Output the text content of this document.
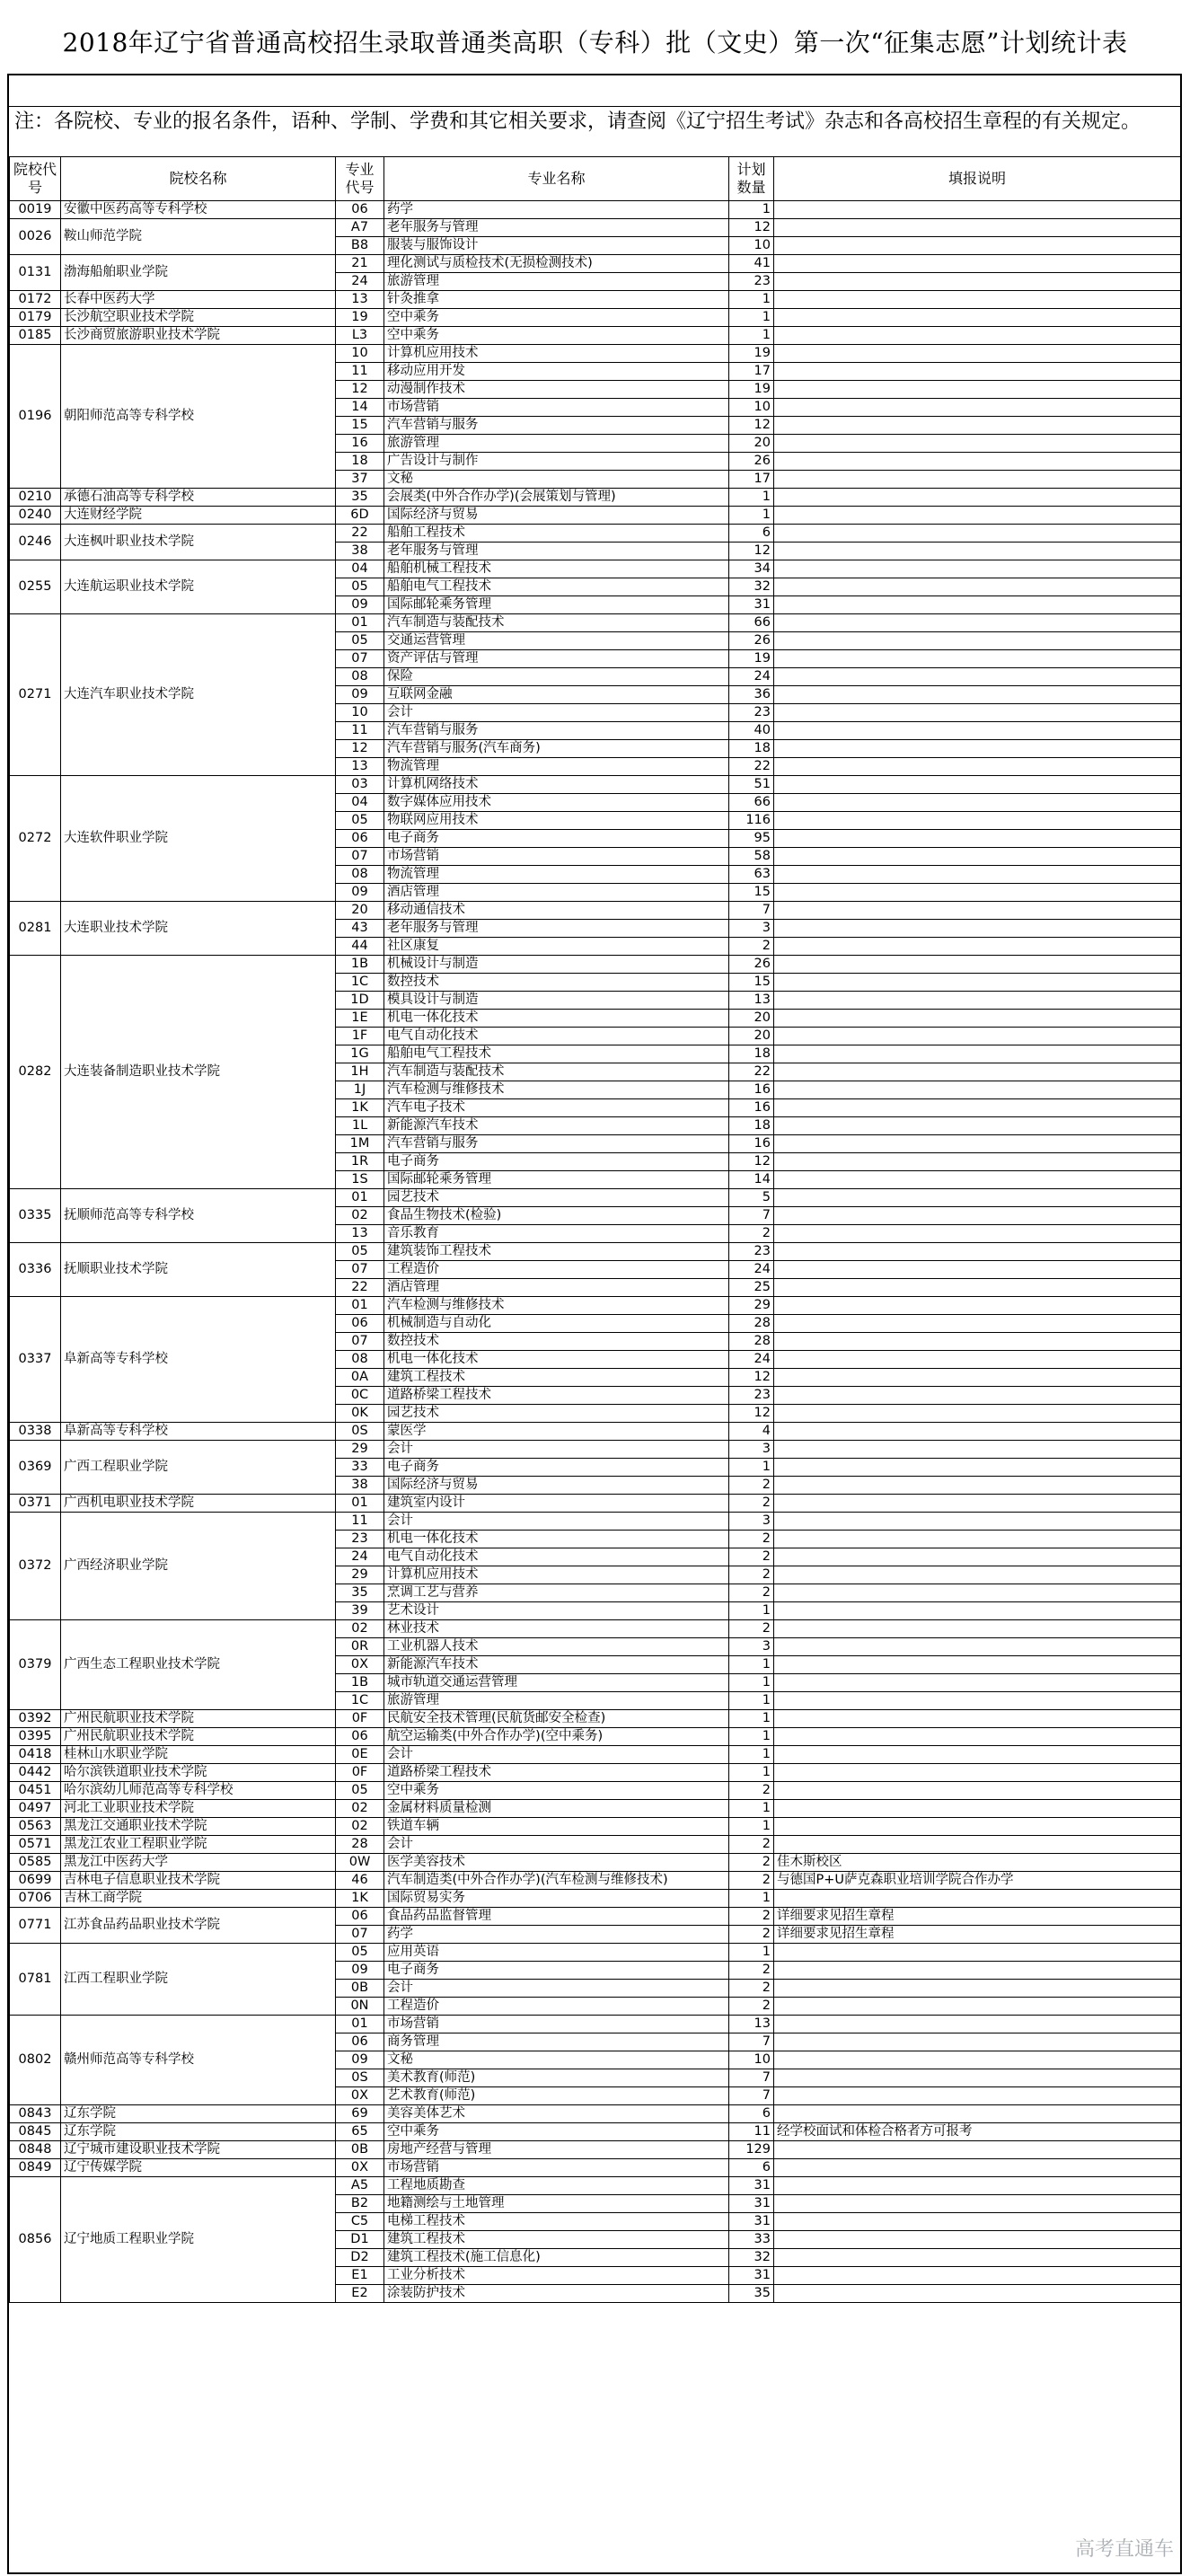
2018年辽宁省普通高校招生录取普通类高职（专科）批（文史）第一次“征集志愿”计划统计表
注：各院校、专业的报名条件，语种、学制、学费和其它相关要求，请查阅《辽宁招生考试》杂志和各高校招生章程的有关规定。
院校代号	院校名称	专业代号	专业名称	计划数量	填报说明
0019	安徽中医药高等专科学校	06	药学	1	
0026	鞍山师范学院	A7	老年服务与管理	12	
		B8	服装与服饰设计	10	
0131	渤海船舶职业学院	21	理化测试与质检技术(无损检测技术)	41	
		24	旅游管理	23	
0172	长春中医药大学	13	针灸推拿	1	
0179	长沙航空职业技术学院	19	空中乘务	1	
0185	长沙商贸旅游职业技术学院	L3	空中乘务	1	
0196	朝阳师范高等专科学校	10	计算机应用技术	19	
		11	移动应用开发	17	
		12	动漫制作技术	19	
		14	市场营销	10	
		15	汽车营销与服务	12	
		16	旅游管理	20	
		18	广告设计与制作	26	
		37	文秘	17	
0210	承德石油高等专科学校	35	会展类(中外合作办学)(会展策划与管理)	1	
0240	大连财经学院	6D	国际经济与贸易	1	
0246	大连枫叶职业技术学院	22	船舶工程技术	6	
		38	老年服务与管理	12	
0255	大连航运职业技术学院	04	船舶机械工程技术	34	
		05	船舶电气工程技术	32	
		09	国际邮轮乘务管理	31	
0271	大连汽车职业技术学院	01	汽车制造与装配技术	66	
		05	交通运营管理	26	
		07	资产评估与管理	19	
		08	保险	24	
		09	互联网金融	36	
		10	会计	23	
		11	汽车营销与服务	40	
		12	汽车营销与服务(汽车商务)	18	
		13	物流管理	22	
0272	大连软件职业学院	03	计算机网络技术	51	
		04	数字媒体应用技术	66	
		05	物联网应用技术	116	
		06	电子商务	95	
		07	市场营销	58	
		08	物流管理	63	
		09	酒店管理	15	
0281	大连职业技术学院	20	移动通信技术	7	
		43	老年服务与管理	3	
		44	社区康复	2	
0282	大连装备制造职业技术学院	1B	机械设计与制造	26	
		1C	数控技术	15	
		1D	模具设计与制造	13	
		1E	机电一体化技术	20	
		1F	电气自动化技术	20	
		1G	船舶电气工程技术	18	
		1H	汽车制造与装配技术	22	
		1J	汽车检测与维修技术	16	
		1K	汽车电子技术	16	
		1L	新能源汽车技术	18	
		1M	汽车营销与服务	16	
		1R	电子商务	12	
		1S	国际邮轮乘务管理	14	
0335	抚顺师范高等专科学校	01	园艺技术	5	
		02	食品生物技术(检验)	7	
		13	音乐教育	2	
0336	抚顺职业技术学院	05	建筑装饰工程技术	23	
		07	工程造价	24	
		22	酒店管理	25	
0337	阜新高等专科学校	01	汽车检测与维修技术	29	
		06	机械制造与自动化	28	
		07	数控技术	28	
		08	机电一体化技术	24	
		0A	建筑工程技术	12	
		0C	道路桥梁工程技术	23	
		0K	园艺技术	12	
0338	阜新高等专科学校	0S	蒙医学	4	
0369	广西工程职业学院	29	会计	3	
		33	电子商务	1	
		38	国际经济与贸易	2	
0371	广西机电职业技术学院	01	建筑室内设计	2	
0372	广西经济职业学院	11	会计	3	
		23	机电一体化技术	2	
		24	电气自动化技术	2	
		29	计算机应用技术	2	
		35	烹调工艺与营养	2	
		39	艺术设计	1	
0379	广西生态工程职业技术学院	02	林业技术	2	
		0R	工业机器人技术	3	
		0X	新能源汽车技术	1	
		1B	城市轨道交通运营管理	1	
		1C	旅游管理	1	
0392	广州民航职业技术学院	0F	民航安全技术管理(民航货邮安全检查)	1	
0395	广州民航职业技术学院	06	航空运输类(中外合作办学)(空中乘务)	1	
0418	桂林山水职业学院	0E	会计	1	
0442	哈尔滨铁道职业技术学院	0F	道路桥梁工程技术	1	
0451	哈尔滨幼儿师范高等专科学校	05	空中乘务	2	
0497	河北工业职业技术学院	02	金属材料质量检测	1	
0563	黑龙江交通职业技术学院	02	铁道车辆	1	
0571	黑龙江农业工程职业学院	28	会计	2	
0585	黑龙江中医药大学	0W	医学美容技术	2	佳木斯校区
0699	吉林电子信息职业技术学院	46	汽车制造类(中外合作办学)(汽车检测与维修技术)	2	与德国P+U萨克森职业培训学院合作办学
0706	吉林工商学院	1K	国际贸易实务	1	
0771	江苏食品药品职业技术学院	06	食品药品监督管理	2	详细要求见招生章程
		07	药学	2	详细要求见招生章程
0781	江西工程职业学院	05	应用英语	1	
		09	电子商务	2	
		0B	会计	2	
		0N	工程造价	2	
0802	赣州师范高等专科学校	01	市场营销	13	
		06	商务管理	7	
		09	文秘	10	
		0S	美术教育(师范)	7	
		0X	艺术教育(师范)	7	
0843	辽东学院	69	美容美体艺术	6	
0845	辽东学院	65	空中乘务	11	经学校面试和体检合格者方可报考
0848	辽宁城市建设职业技术学院	0B	房地产经营与管理	129	
0849	辽宁传媒学院	0X	市场营销	6	
0856	辽宁地质工程职业学院	A5	工程地质勘查	31	
		B2	地籍测绘与土地管理	31	
		C5	电梯工程技术	31	
		D1	建筑工程技术	33	
		D2	建筑工程技术(施工信息化)	32	
		E1	工业分析技术	31	
		E2	涂装防护技术	35	
高考直通车
